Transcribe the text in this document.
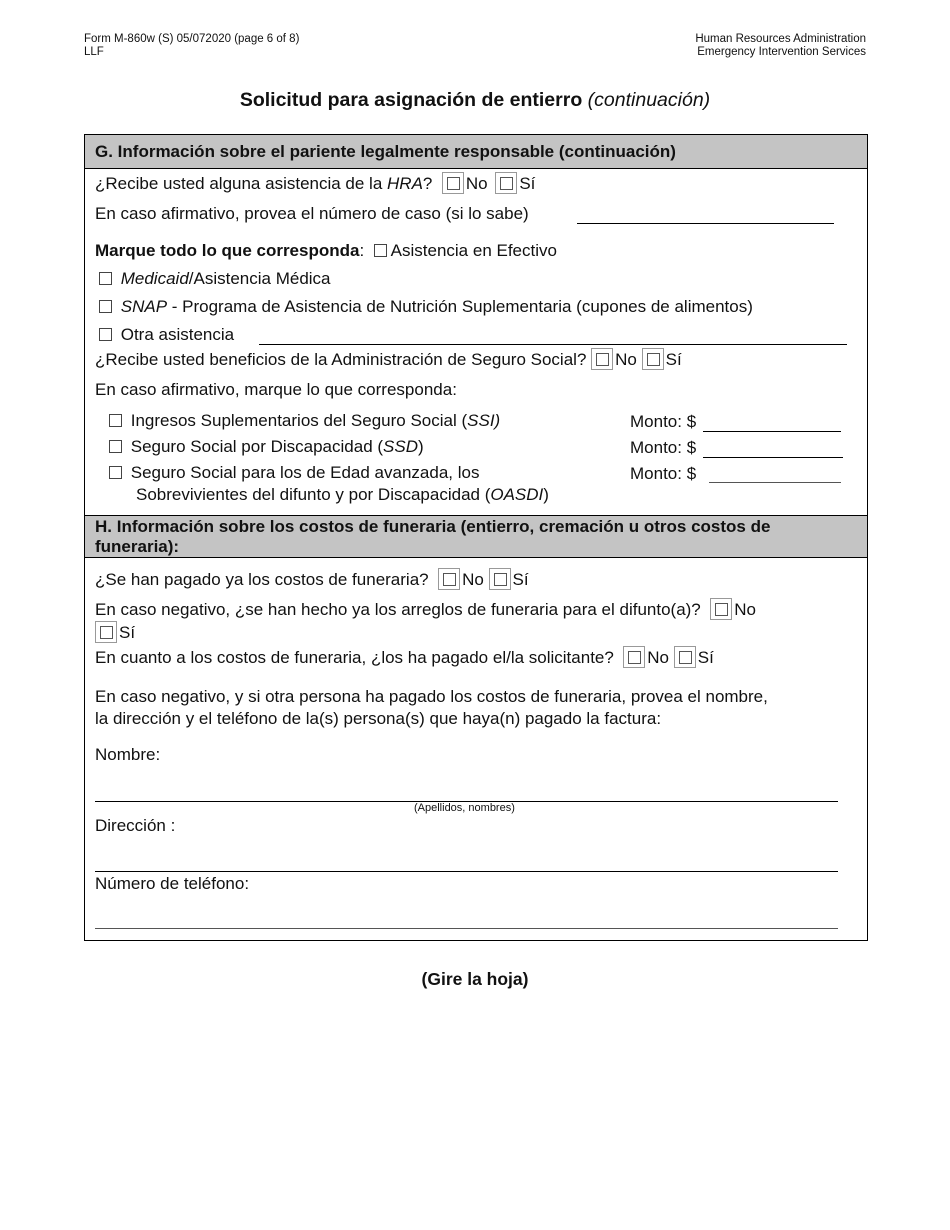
Form M-860w (S) 05/072020 (page 6 of 8)
LLF
Human Resources Administration
Emergency Intervention Services
Solicitud para asignación de entierro (continuación)
G. Información sobre el pariente legalmente responsable (continuación)
¿Recibe usted alguna asistencia de la HRA? No Sí
En caso afirmativo, provea el número de caso (si lo sabe)
Marque todo lo que corresponda: Asistencia en Efectivo
Medicaid/Asistencia Médica
SNAP - Programa de Asistencia de Nutrición Suplementaria (cupones de alimentos)
Otra asistencia
¿Recibe usted beneficios de la Administración de Seguro Social? No Sí
En caso afirmativo, marque lo que corresponda:
Ingresos Suplementarios del Seguro Social (SSI)	Monto: $
Seguro Social por Discapacidad (SSD)	Monto: $
Seguro Social para los de Edad avanzada, los
Sobrevivientes del difunto y por Discapacidad (OASDI)
Monto: $
H. Información sobre los costos de funeraria (entierro, cremación u otros costos de funeraria):
¿Se han pagado ya los costos de funeraria? No Sí
En caso negativo, ¿se han hecho ya los arreglos de funeraria para el difunto(a)? No
Sí
En cuanto a los costos de funeraria, ¿los ha pagado el/la solicitante? No Sí
En caso negativo, y si otra persona ha pagado los costos de funeraria, provea el nombre,
la dirección y el teléfono de la(s) persona(s) que haya(n) pagado la factura:
Nombre:
(Apellidos, nombres)
Dirección :
Número de teléfono:
(Gire la hoja)
